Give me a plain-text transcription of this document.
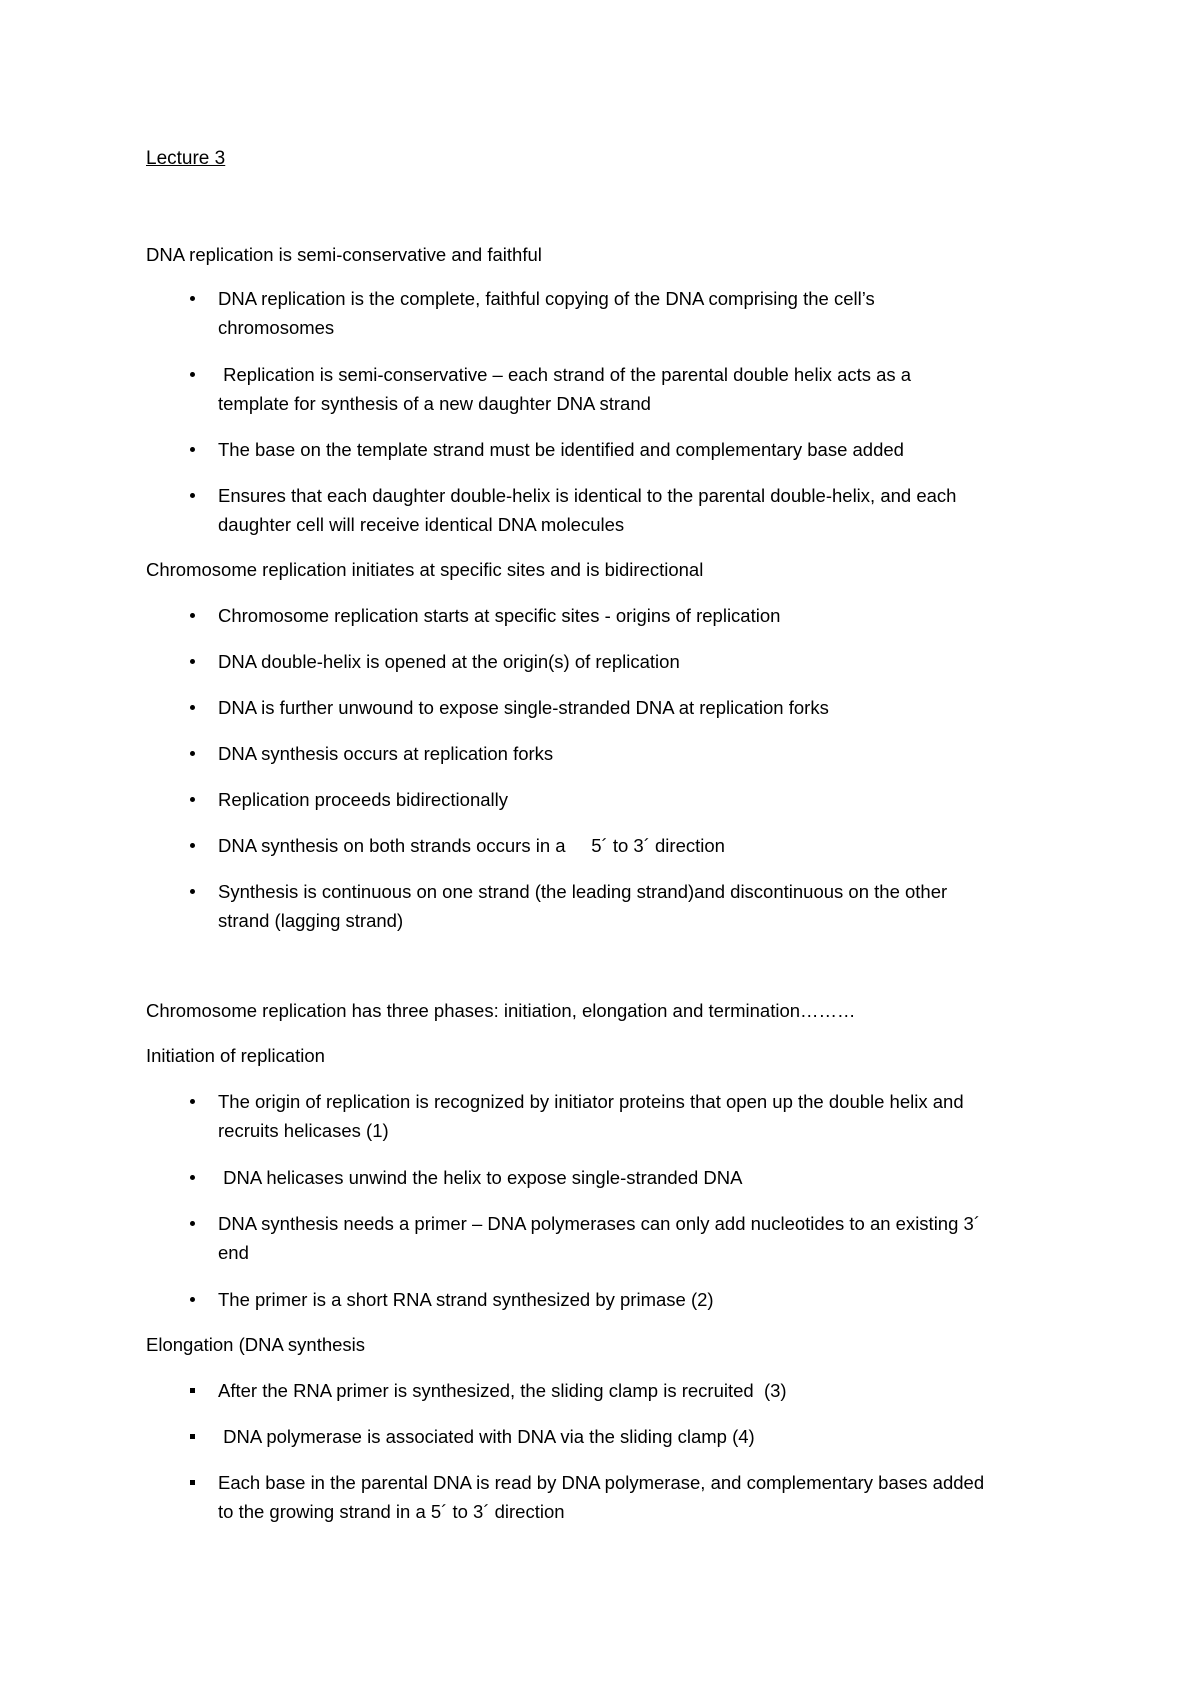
Lecture 3
DNA replication is semi-conservative and faithful
DNA replication is the complete, faithful copying of the DNA comprising the cell’s
chromosomes
Replication is semi-conservative – each strand of the parental double helix acts as a
template for synthesis of a new daughter DNA strand
The base on the template strand must be identified and complementary base added
Ensures that each daughter double-helix is identical to the parental double-helix, and each
daughter cell will receive identical DNA molecules
Chromosome replication initiates at specific sites and is bidirectional
Chromosome replication starts at specific sites - origins of replication
DNA double-helix is opened at the origin(s) of replication
DNA is further unwound to expose single-stranded DNA at replication forks
DNA synthesis occurs at replication forks
Replication proceeds bidirectionally
DNA synthesis on both strands occurs in a     5´ to 3´ direction
Synthesis is continuous on one strand (the leading strand)and discontinuous on the other
strand (lagging strand)
Chromosome replication has three phases: initiation, elongation and termination………
Initiation of replication
The origin of replication is recognized by initiator proteins that open up the double helix and
recruits helicases (1)
DNA helicases unwind the helix to expose single-stranded DNA
DNA synthesis needs a primer – DNA polymerases can only add nucleotides to an existing 3´
end
The primer is a short RNA strand synthesized by primase (2)
Elongation (DNA synthesis
After the RNA primer is synthesized, the sliding clamp is recruited  (3)
DNA polymerase is associated with DNA via the sliding clamp (4)
Each base in the parental DNA is read by DNA polymerase, and complementary bases added
to the growing strand in a 5´ to 3´ direction
